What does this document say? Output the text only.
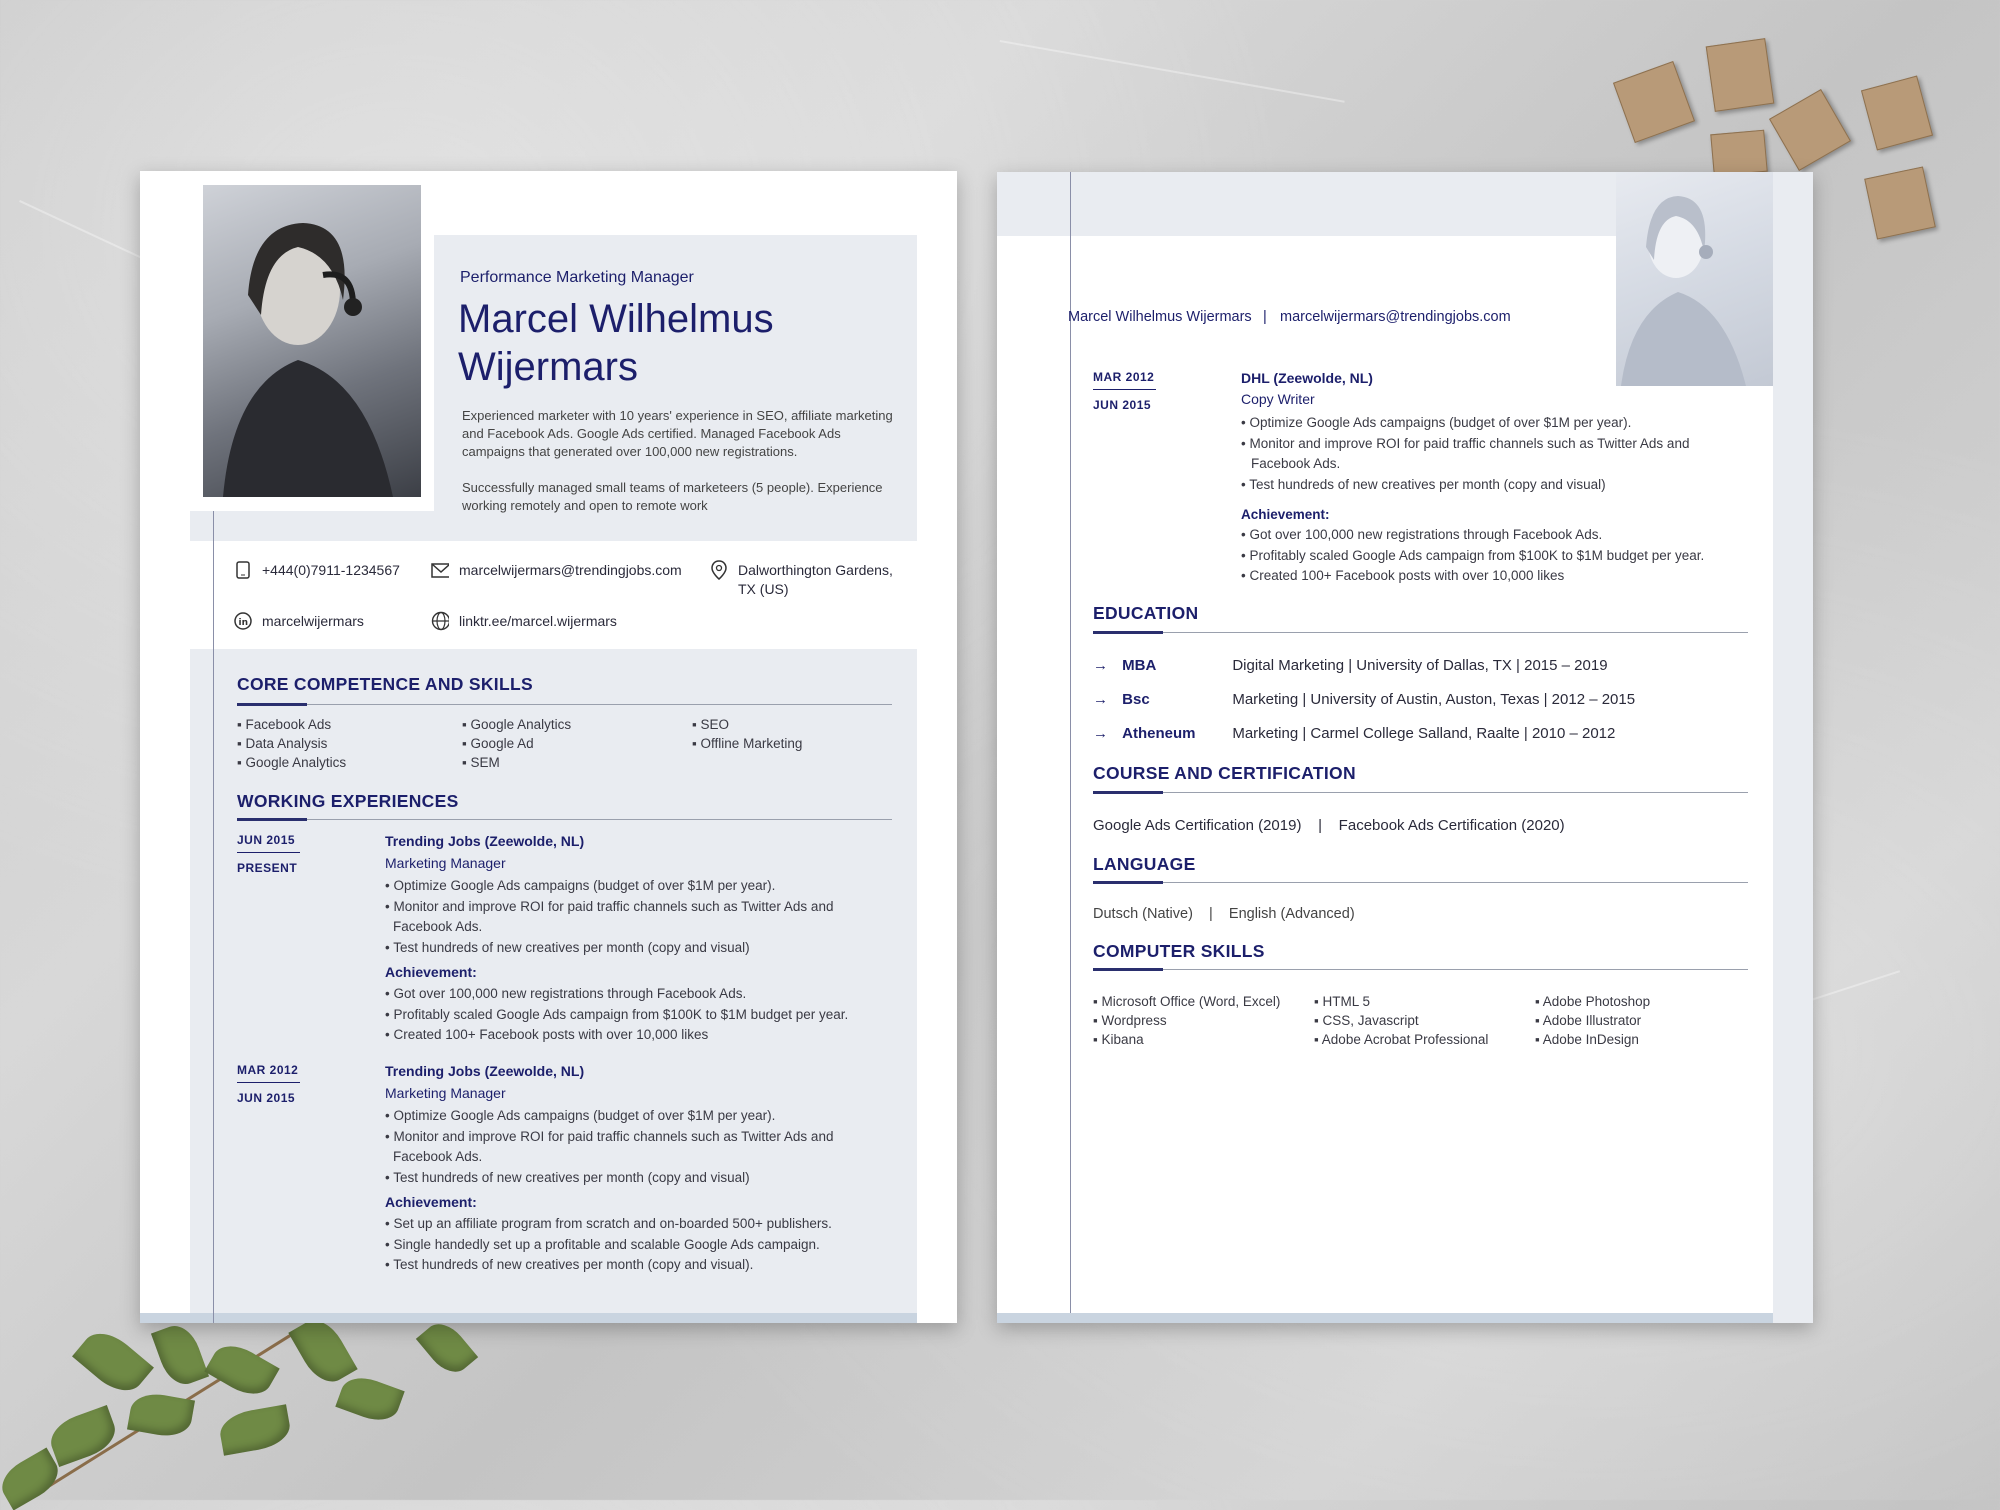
Performance Marketing Manager
Marcel Wilhelmus
Wijermars
Experienced marketer with 10 years' experience in SEO, affiliate marketing and Facebook Ads. Google Ads certified. Managed Facebook Ads campaigns that generated over 100,000 new registrations.
Successfully managed small teams of marketeers (5 people). Experience working remotely and open to remote work
+444(0)7911-1234567	marcelwijermars@trendingjobs.com	Dalworthington Gardens, TX (US)
in marcelwijermars	linktr.ee/marcel.wijermars
CORE COMPETENCE AND SKILLS
▪ Facebook Ads
▪ Data Analysis
▪ Google Analytics
▪ Google Analytics
▪ Google Ad
▪ SEM
▪ SEO
▪ Offline Marketing
WORKING EXPERIENCES
JUN 2015
PRESENT
Trending Jobs (Zeewolde, NL)
Marketing Manager
• Optimize Google Ads campaigns (budget of over $1M per year).
• Monitor and improve ROI for paid traffic channels such as Twitter Ads and
Facebook Ads.
• Test hundreds of new creatives per month (copy and visual)
Achievement:
• Got over 100,000 new registrations through Facebook Ads.
• Profitably scaled Google Ads campaign from $100K to $1M budget per year.
• Created 100+ Facebook posts with over 10,000 likes
MAR 2012
JUN 2015
Trending Jobs (Zeewolde, NL)
Marketing Manager
• Optimize Google Ads campaigns (budget of over $1M per year).
• Monitor and improve ROI for paid traffic channels such as Twitter Ads and
Facebook Ads.
• Test hundreds of new creatives per month (copy and visual)
Achievement:
• Set up an affiliate program from scratch and on-boarded 500+ publishers.
• Single handedly set up a profitable and scalable Google Ads campaign.
• Test hundreds of new creatives per month (copy and visual).
Marcel Wilhelmus Wijermars | marcelwijermars@trendingjobs.com
MAR 2012
JUN 2015
DHL (Zeewolde, NL)
Copy Writer
• Optimize Google Ads campaigns (budget of over $1M per year).
• Monitor and improve ROI for paid traffic channels such as Twitter Ads and
Facebook Ads.
• Test hundreds of new creatives per month (copy and visual)
Achievement:
• Got over 100,000 new registrations through Facebook Ads.
• Profitably scaled Google Ads campaign from $100K to $1M budget per year.
• Created 100+ Facebook posts with over 10,000 likes
EDUCATION
→ MBA	Digital Marketing | University of Dallas, TX | 2015 – 2019
→ Bsc	Marketing | University of Austin, Auston, Texas | 2012 – 2015
→ Atheneum Marketing | Carmel College Salland, Raalte | 2010 – 2012
COURSE AND CERTIFICATION
Google Ads Certification (2019)    |    Facebook Ads Certification (2020)
LANGUAGE
Dutsch (Native)    |    English (Advanced)
COMPUTER SKILLS
▪ Microsoft Office (Word, Excel)
▪ Wordpress
▪ Kibana
▪ HTML 5
▪ CSS, Javascript
▪ Adobe Acrobat Professional
▪ Adobe Photoshop
▪ Adobe Illustrator
▪ Adobe InDesign
